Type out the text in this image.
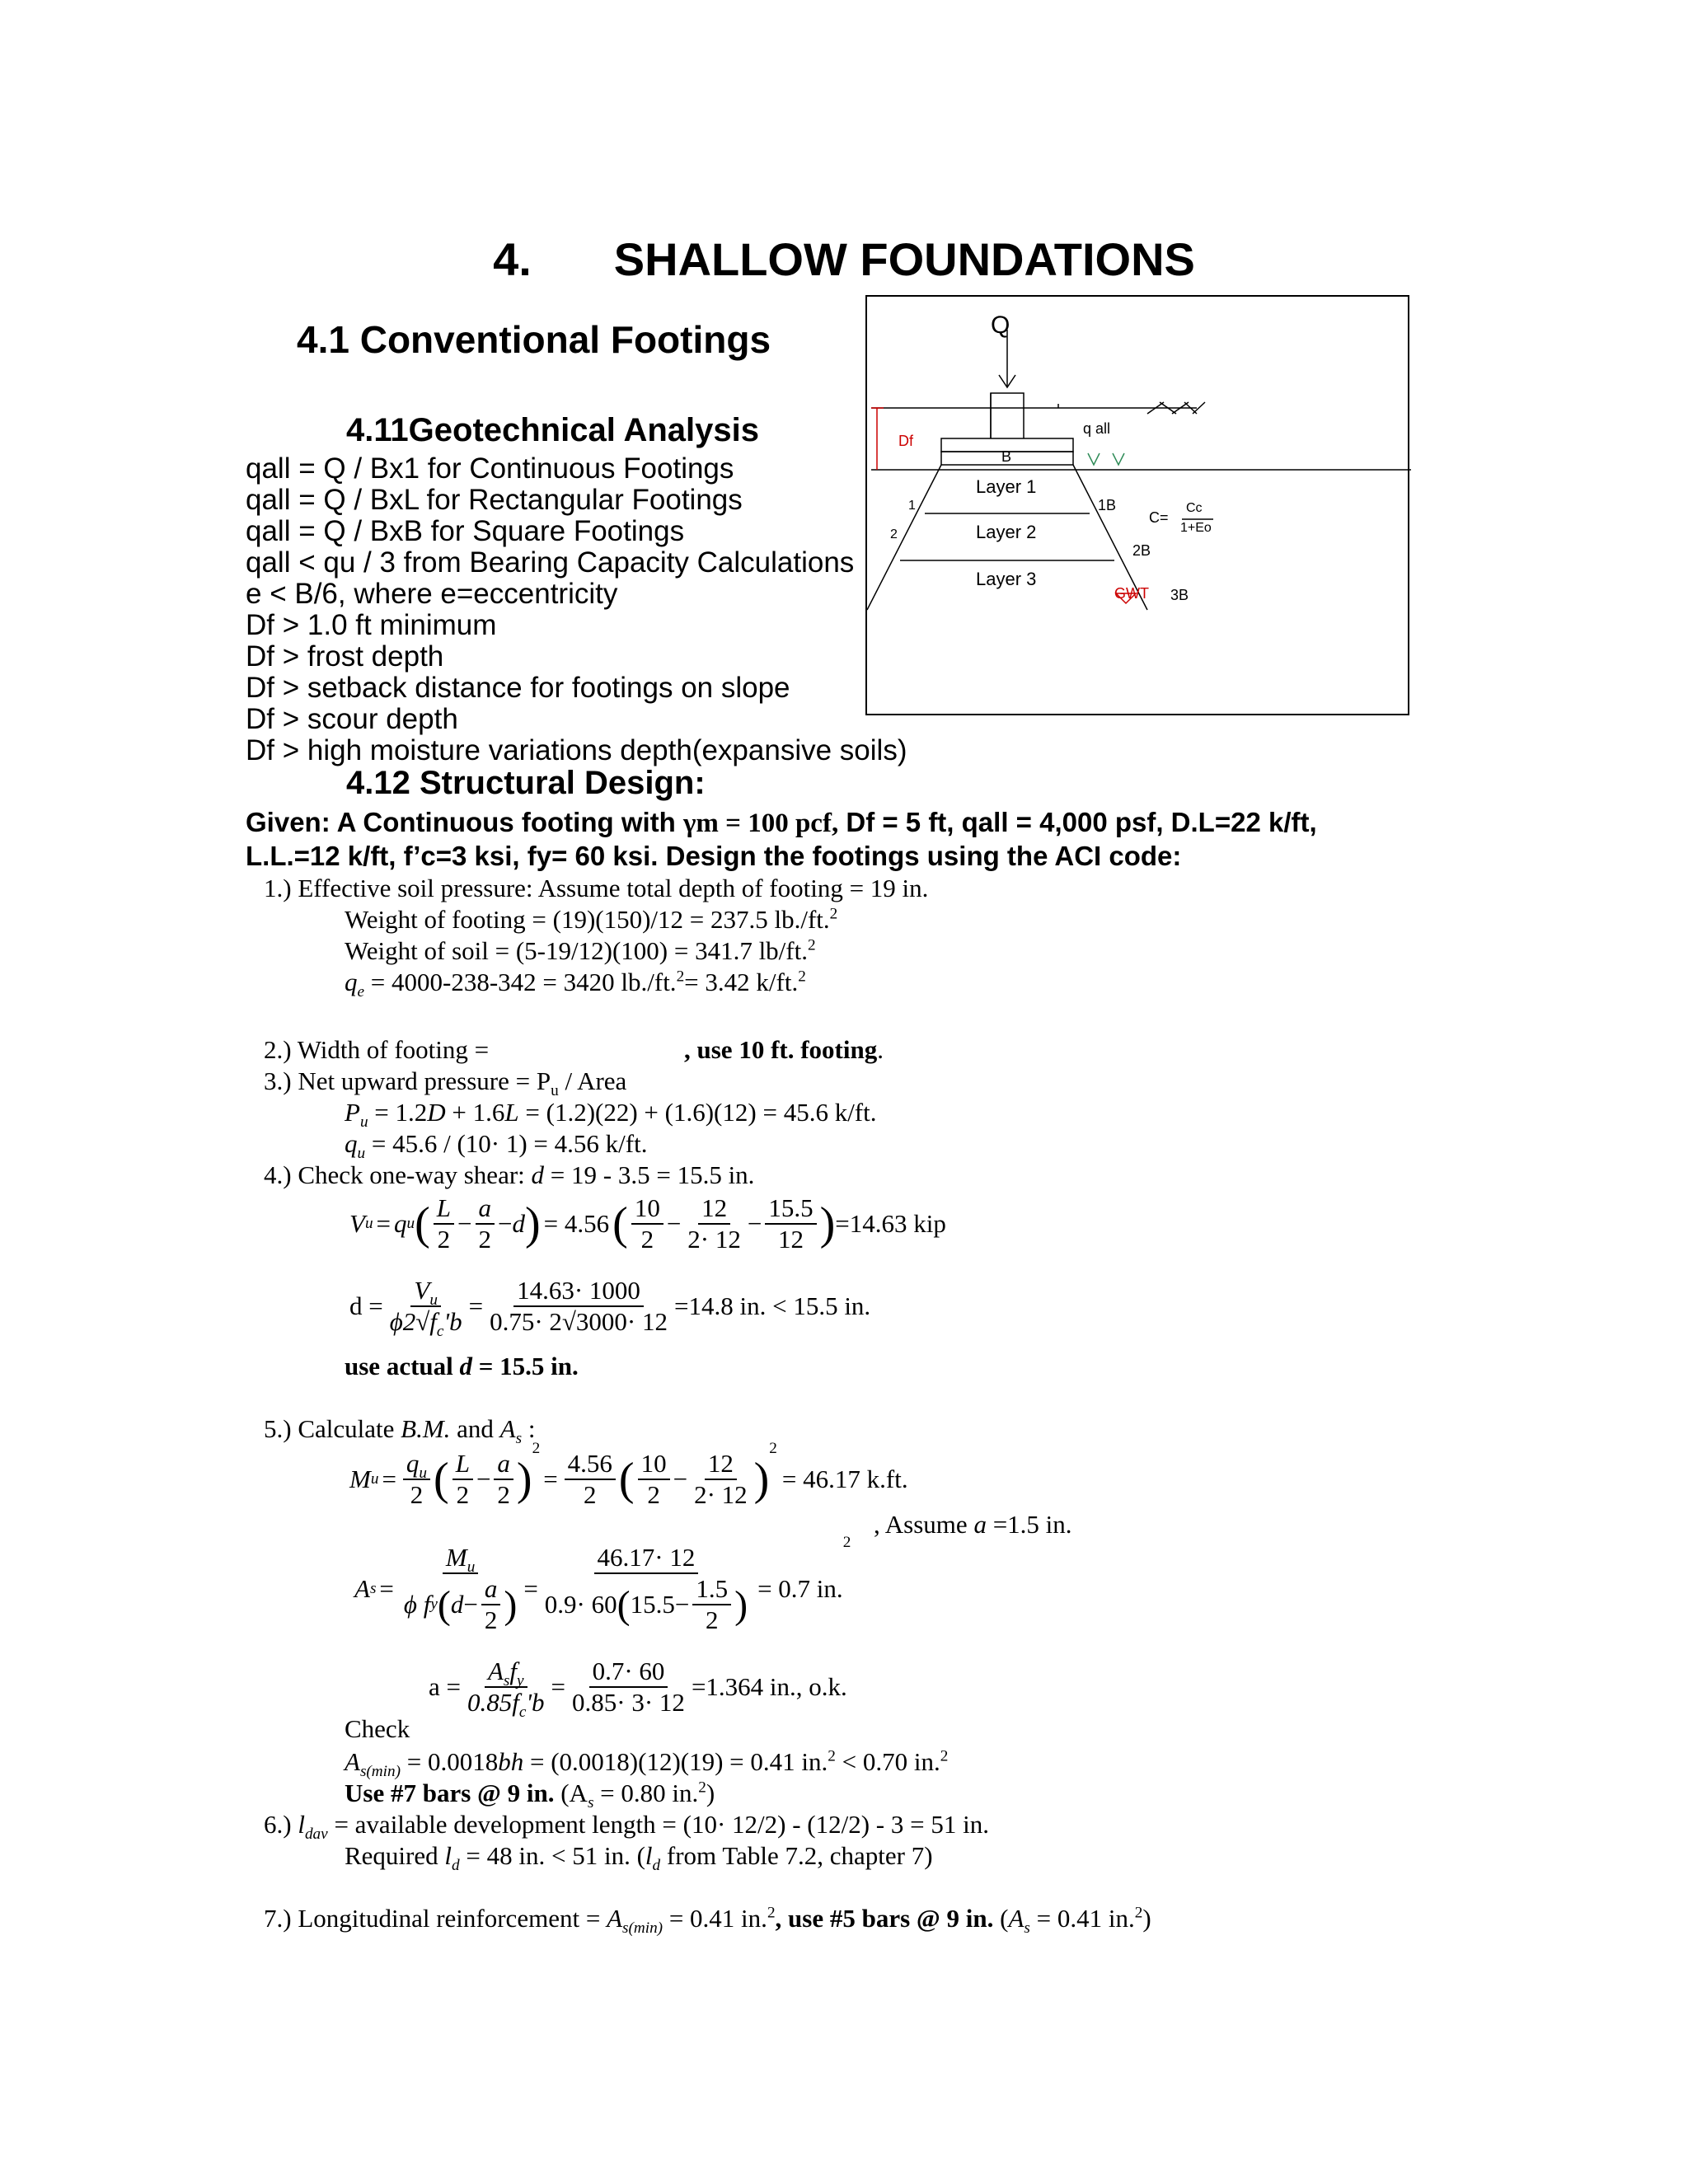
4. SHALLOW FOUNDATIONS
4.1 Conventional Footings
4.11Geotechnical Analysis
qall = Q / Bx1 for Continuous Footings
qall = Q / BxL for Rectangular Footings
qall = Q / BxB for Square Footings
qall < qu / 3 from Bearing Capacity Calculations
e < B/6, where e=eccentricity
Df > 1.0 ft minimum
Df > frost depth
Df > setback distance for footings on slope
Df > scour depth
Df > high moisture variations depth(expansive soils)
4.12 Structural Design:
Given: A Continuous footing with γm = 100 pcf, Df = 5 ft, qall = 4,000 psf, D.L=22 k/ft,
L.L.=12 k/ft, f’c=3 ksi, fy= 60 ksi. Design the footings using the ACI code:
Q
Df
q all
B
Layer 1
Layer 2
Layer 3
1
2
1B
2B
3B
GWT
C=
Cc
1+Eo
1.) Effective soil pressure: Assume total depth of footing = 19 in.
Weight of footing = (19)(150)/12 = 237.5 lb./ft.$^2$
Weight of soil = (5-19/12)(100) = 341.7 lb/ft.$^2$
$q_e = 4000-238-342 = 3420$ lb./ft.$^2$= 3.42 k/ft.$^2$
2.) Width of footing =	, use 10 ft. footing.
3.) Net upward pressure = $P_u$ / Area
$P_u = 1.2D + 1.6L = (1.2)(22) + (1.6)(12) = 45.6$ k/ft.
$q_u = 45.6 / (10\cdot 1) = 4.56$ k/ft.
4.) Check one-way shear: d = 19 - 3.5 = 15.5 in.
V u = q u ( $\frac{L}{2} - \frac{a}{2} - d$ ) = 4.56 ( $\frac{10}{2} - \frac{12}{2\cdot 12} - \frac{15.5}{12}$ ) =14.63 kip
$d = \frac{V_u}{\phi 2√f_c'b} = \frac{14.63\cdot 1000}{0.75\cdot 2√3000\cdot 12} =14.8$ in. < 15.5 in.
use actual d = 15.5 in.
5.) Calculate B.M. and $A_s$ :
M $u = \frac{q_u}{2}$ ( $\frac{L}{2} - \frac{a}{2}$ )
2
= $\frac{4.56}{2}$ ( $\frac{10}{2} - \frac{12}{2\cdot 12}$ )
2
= 46.17 k.ft.
, Assume a =1.5 in.
A $s = \frac{M_u}{\phi f y ( d - \frac{a}{2} )} = \frac{46.17\cdot 12}{0.9\cdot 60 ( 15.5 - \frac{1.5}{2} )} = 0.7$ in.
2
$a = \frac{A_sf_y}{0.85f_c'b} = \frac{0.7\cdot 60}{0.85\cdot 3\cdot 12} =1.364$ in., o.k.
Check
$A_{s(min)} = 0.0018bh = (0.0018)(12)(19) = 0.41$ in.$^2$ < 0.70 in.$^2$
Use #7 bars @ 9 in. ($A_s = 0.80$ in.$^2$)
6.) $l_{dav}$ = available development length = (10· 12/2) - (12/2) - 3 = 51 in.
Required $l_d = 48$ in. < 51 in. ($l_d$ from Table 7.2, chapter 7)
7.) Longitudinal reinforcement = $A_{s(min)} = 0.41$ in.$^2$, use #5 bars @ 9 in. ($A_s = 0.41$ in.$^2$)
